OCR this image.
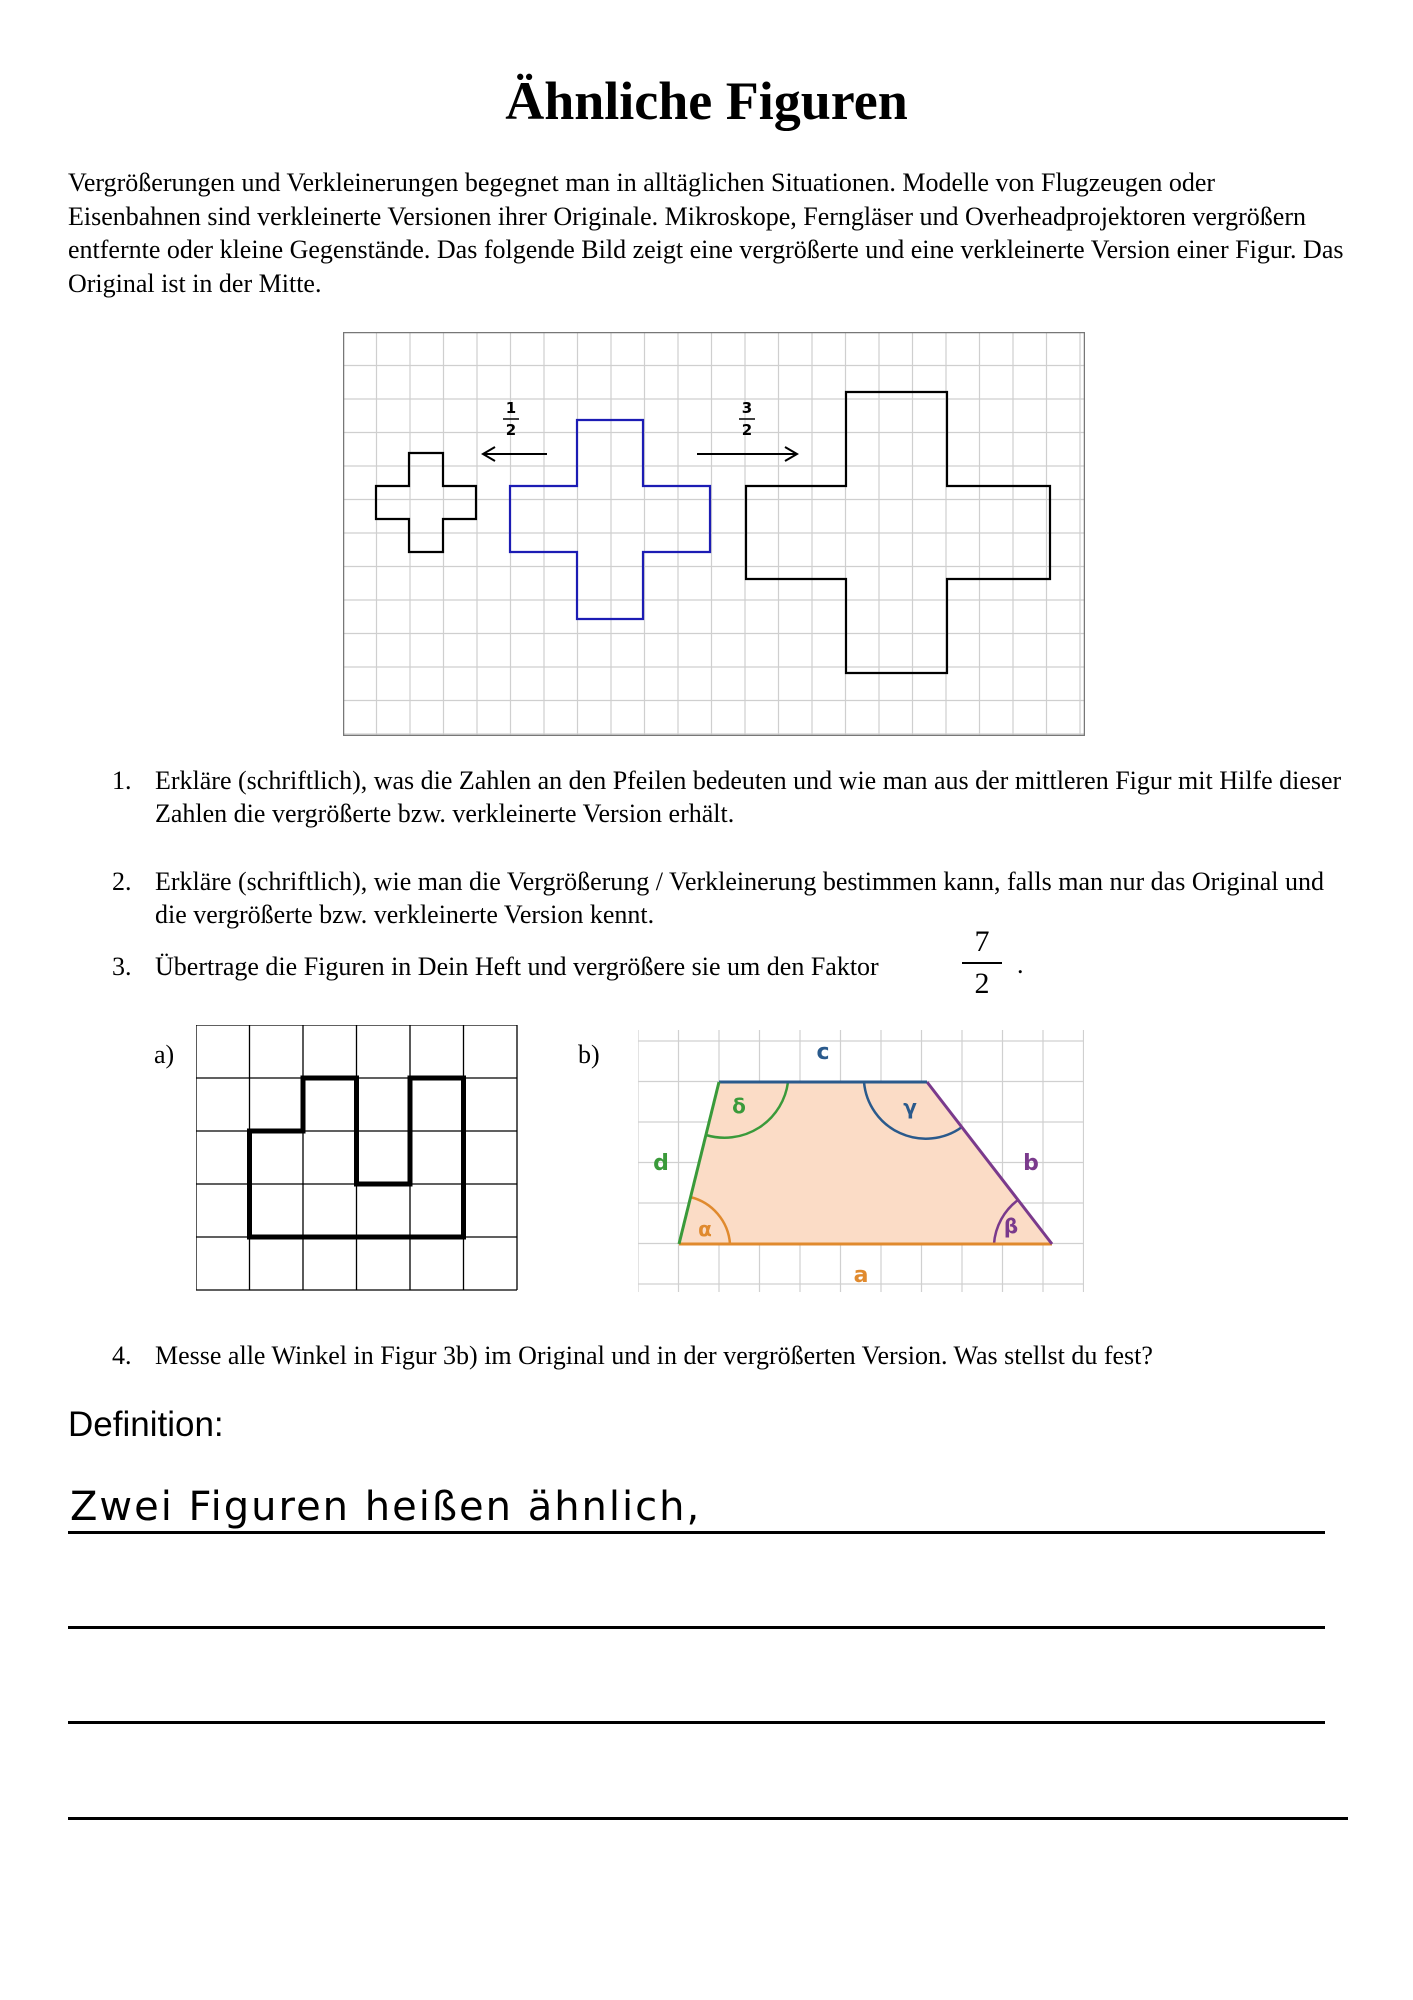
Ähnliche Figuren

Vergrößerungen und Verkleinerungen begegnet man in alltäglichen Situationen. Modelle von Flugzeugen oder Eisenbahnen sind verkleinerte Versionen ihrer Originale. Mikroskope, Ferngläser und Overheadprojektoren vergrößern entfernte oder kleine Gegenstände. Das folgende Bild zeigt eine vergrößerte und eine verkleinerte Version einer Figur. Das Original ist in der Mitte.

1
2
3
2
1. Erkläre (schriftlich), was die Zahlen an den Pfeilen bedeuten und wie man aus der mittleren Figur mit Hilfe dieser Zahlen die vergrößerte bzw. verkleinerte Version erhält.
2. Erkläre (schriftlich), wie man die Vergrößerung / Verkleinerung bestimmen kann, falls man nur das Original und die vergrößerte bzw. verkleinerte Version kennt.
3. Übertrage die Figuren in Dein Heft und vergrößere sie um den Faktor
7
2
.
a)	b)	c
d	b
a
α	β
γ
δ
4. Messe alle Winkel in Figur 3b) im Original und in der vergrößerten Version. Was stellst du fest?
Definition:
Zwei Figuren heißen ähnlich,
